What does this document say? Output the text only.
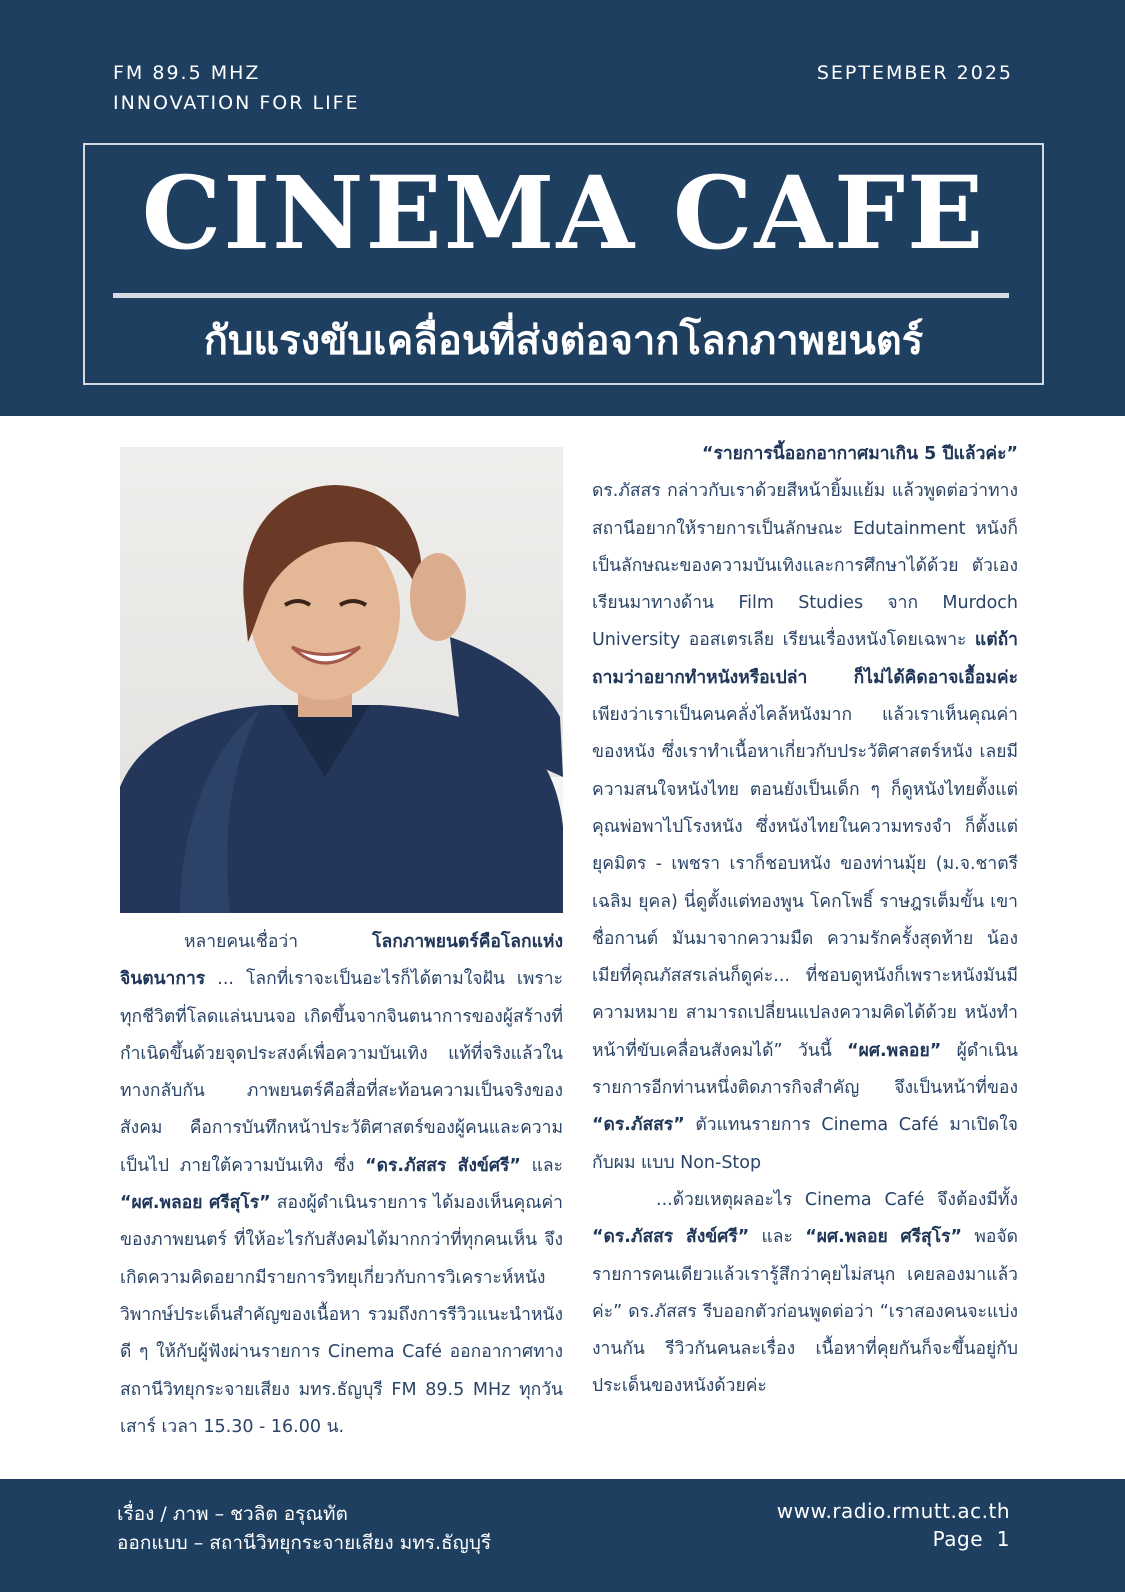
FM 89.5 MHZ
INNOVATION FOR LIFE
SEPTEMBER 2025
CINEMA CAFE
กับแรงขับเคลื่อนที่ส่งต่อจากโลกภาพยนตร์

หลายคนเชื่อว่า โลกภาพยนตร์คือโลกแห่งจินตนาการ ... โลกที่เราจะเป็นอะไรก็ได้ตามใจฝัน เพราะทุกชีวิตที่โลดแล่นบนจอ เกิดขึ้นจากจินตนาการของผู้สร้างที่กำเนิดขึ้นด้วยจุดประสงค์เพื่อความบันเทิง แท้ที่จริงแล้วในทางกลับกัน ภาพยนตร์คือสื่อที่สะท้อนความเป็นจริงของสังคม คือการบันทึกหน้าประวัติศาสตร์ของผู้คนและความเป็นไป ภายใต้ความบันเทิง ซึ่ง “ดร.ภัสสร สังข์ศรี” และ “ผศ.พลอย ศรีสุโร” สองผู้ดำเนินรายการ ได้มองเห็นคุณค่าของภาพยนตร์ ที่ให้อะไรกับสังคมได้มากกว่าที่ทุกคนเห็น จึงเกิดความคิดอยากมีรายการวิทยุเกี่ยวกับการวิเคราะห์หนัง วิพากษ์ประเด็นสำคัญของเนื้อหา รวมถึงการรีวิวแนะนำหนังดี ๆ ให้กับผู้ฟังผ่านรายการ Cinema Café ออกอากาศทางสถานีวิทยุกระจายเสียง มทร.ธัญบุรี FM 89.5 MHz ทุกวันเสาร์ เวลา 15.30 - 16.00 น.

“รายการนี้ออกอากาศมาเกิน 5 ปีแล้วค่ะ”

ดร.ภัสสร กล่าวกับเราด้วยสีหน้ายิ้มแย้ม แล้วพูดต่อว่าทางสถานีอยากให้รายการเป็นลักษณะ Edutainment หนังก็เป็นลักษณะของความบันเทิงและการศึกษาได้ด้วย ตัวเองเรียนมาทางด้าน Film Studies จาก Murdoch University ออสเตรเลีย เรียนเรื่องหนังโดยเฉพาะ แต่ถ้าถามว่าอยากทำหนังหรือเปล่า ก็ไม่ได้คิดอาจเอื้อมค่ะ เพียงว่าเราเป็นคนคลั่งไคล้หนังมาก แล้วเราเห็นคุณค่าของหนัง ซึ่งเราทำเนื้อหาเกี่ยวกับประวัติศาสตร์หนัง เลยมีความสนใจหนังไทย ตอนยังเป็นเด็ก ๆ ก็ดูหนังไทยตั้งแต่คุณพ่อพาไปโรงหนัง ซึ่งหนังไทยในความทรงจำ ก็ตั้งแต่ยุคมิตร - เพชรา เราก็ชอบหนัง ของท่านมุ้ย (ม.จ.ชาตรีเฉลิม ยุคล) นี่ดูตั้งแต่ทองพูน โคกโพธิ์ ราษฎรเต็มขั้น เขาชื่อกานต์ มันมาจากความมืด ความรักครั้งสุดท้าย น้องเมียที่คุณภัสสรเล่นก็ดูค่ะ... ที่ชอบดูหนังก็เพราะหนังมันมีความหมาย สามารถเปลี่ยนแปลงความคิดได้ด้วย หนังทำหน้าที่ขับเคลื่อนสังคมได้” วันนี้ “ผศ.พลอย” ผู้ดำเนินรายการอีกท่านหนึ่งติดภารกิจสำคัญ จึงเป็นหน้าที่ของ “ดร.ภัสสร” ตัวแทนรายการ Cinema Café มาเปิดใจกับผม แบบ Non-Stop

...ด้วยเหตุผลอะไร Cinema Café จึงต้องมีทั้ง “ดร.ภัสสร สังข์ศรี” และ “ผศ.พลอย ศรีสุโร” พอจัดรายการคนเดียวแล้วเรารู้สึกว่าคุยไม่สนุก เคยลองมาแล้วค่ะ” ดร.ภัสสร รีบออกตัวก่อนพูดต่อว่า “เราสองคนจะแบ่งงานกัน รีวิวกันคนละเรื่อง เนื้อหาที่คุยกันก็จะขึ้นอยู่กับประเด็นของหนังด้วยค่ะ

เรื่อง / ภาพ – ชวลิต อรุณทัต
ออกแบบ – สถานีวิทยุกระจายเสียง มทร.ธัญบุรี
www.radio.rmutt.ac.th
Page  1
